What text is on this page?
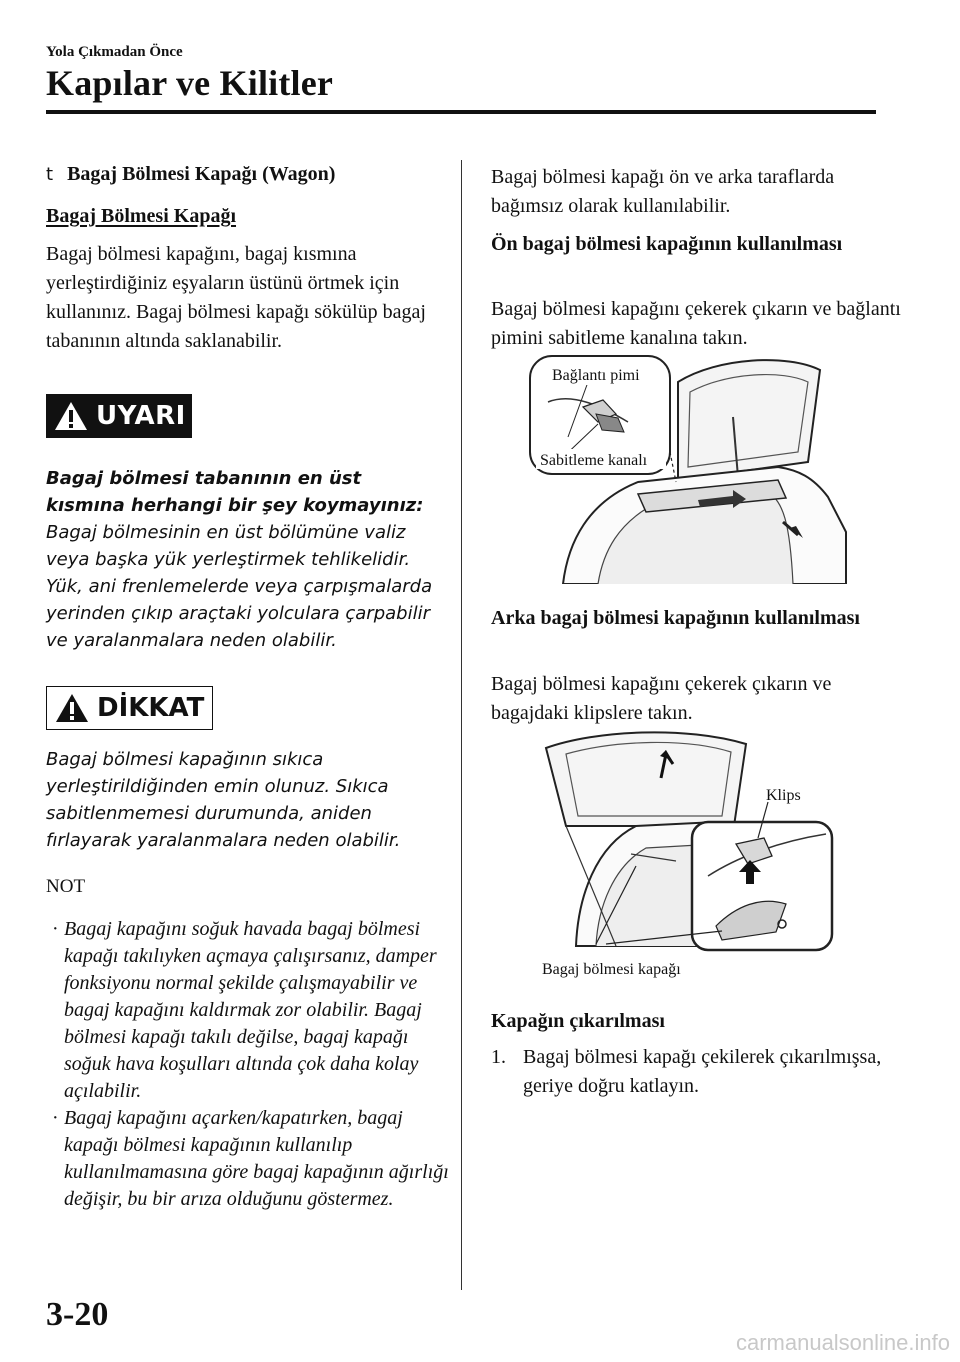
Yola Çıkmadan Önce
Kapılar ve Kilitler
t Bagaj Bölmesi Kapağı (Wagon)
Bagaj Bölmesi Kapağı
Bagaj bölmesi kapağını, bagaj kısmına yerleştirdiğiniz eşyaların üstünü örtmek için kullanınız. Bagaj bölmesi kapağı sökülüp bagaj tabanının altında saklanabilir.
UYARI
Bagaj bölmesi tabanının en üst kısmına herhangi bir şey koymayınız:
Bagaj bölmesinin en üst bölümüne valiz veya başka yük yerleştirmek tehlikelidir. Yük, ani frenlemelerde veya çarpışmalarda yerinden çıkıp araçtaki yolculara çarpabilir ve yaralanmalara neden olabilir.
DİKKAT
Bagaj bölmesi kapağının sıkıca yerleştirildiğinden emin olunuz. Sıkıca sabitlenmemesi durumunda, aniden fırlayarak yaralanmalara neden olabilir.
NOT
· Bagaj kapağını soğuk havada bagaj bölmesi kapağı takılıyken açmaya çalışırsanız, damper fonksiyonu normal şekilde çalışmayabilir ve bagaj kapağını kaldırmak zor olabilir. Bagaj bölmesi kapağı takılı değilse, bagaj kapağı soğuk hava koşulları altında çok daha kolay açılabilir.
· Bagaj kapağını açarken/kapatırken, bagaj kapağı bölmesi kapağının kullanılıp kullanılmamasına göre bagaj kapağının ağırlığı değişir, bu bir arıza olduğunu göstermez.
Bagaj bölmesi kapağı ön ve arka taraflarda bağımsız olarak kullanılabilir.
Ön bagaj bölmesi kapağının kullanılması
Bagaj bölmesi kapağını çekerek çıkarın ve bağlantı pimini sabitleme kanalına takın.
Bağlantı pimi
Sabitleme kanalı
Arka bagaj bölmesi kapağının kullanılması
Bagaj bölmesi kapağını çekerek çıkarın ve bagajdaki klipslere takın.
Klips
Bagaj bölmesi kapağı
Kapağın çıkarılması
1. Bagaj bölmesi kapağı çekilerek çıkarılmışsa, geriye doğru katlayın.
3-20
carmanualsonline.info
